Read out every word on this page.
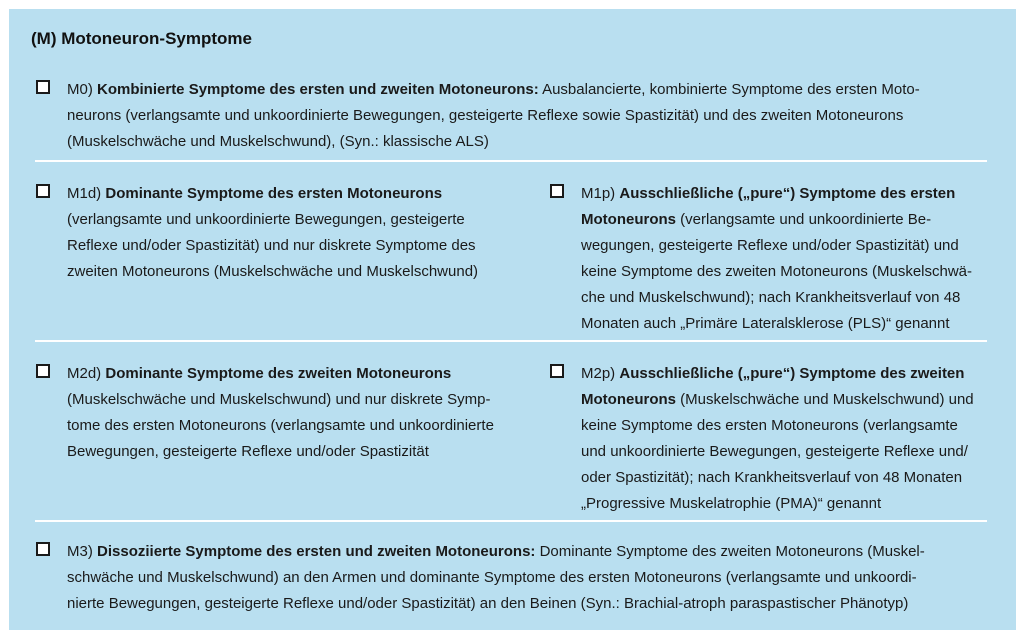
(M) Motoneuron-Symptome

M0) Kombinierte Symptome des ersten und zweiten Motoneurons: Ausbalancierte, kombinierte Symptome des ersten Moto-
neurons (verlangsamte und unkoordinierte Bewegungen, gesteigerte Reflexe sowie Spastizität) und des zweiten Motoneurons
(Muskelschwäche und Muskelschwund), (Syn.: klassische ALS)

M1d) Dominante Symptome des ersten Motoneurons
(verlangsamte und unkoordinierte Bewegungen, gesteigerte
Reflexe und/oder Spastizität) und nur diskrete Symptome des
zweiten Motoneurons (Muskelschwäche und Muskelschwund)

M1p) Ausschließliche („pure“) Symptome des ersten
Motoneurons (verlangsamte und unkoordinierte Be-
wegungen, gesteigerte Reflexe und/oder Spastizität) und
keine Symptome des zweiten Motoneurons (Muskelschwä-
che und Muskelschwund); nach Krankheitsverlauf von 48
Monaten auch „Primäre Lateralsklerose (PLS)“ genannt

M2d) Dominante Symptome des zweiten Motoneurons
(Muskelschwäche und Muskelschwund) und nur diskrete Symp-
tome des ersten Motoneurons (verlangsamte und unkoordinierte
Bewegungen, gesteigerte Reflexe und/oder Spastizität

M2p) Ausschließliche („pure“) Symptome des zweiten
Motoneurons (Muskelschwäche und Muskelschwund) und
keine Symptome des ersten Motoneurons (verlangsamte
und unkoordinierte Bewegungen, gesteigerte Reflexe und/
oder Spastizität); nach Krankheitsverlauf von 48 Monaten
„Progressive Muskelatrophie (PMA)“ genannt

M3) Dissoziierte Symptome des ersten und zweiten Motoneurons: Dominante Symptome des zweiten Motoneurons (Muskel-
schwäche und Muskelschwund) an den Armen und dominante Symptome des ersten Motoneurons (verlangsamte und unkoordi-
nierte Bewegungen, gesteigerte Reflexe und/oder Spastizität) an den Beinen (Syn.: Brachial-atroph paraspastischer Phänotyp)
